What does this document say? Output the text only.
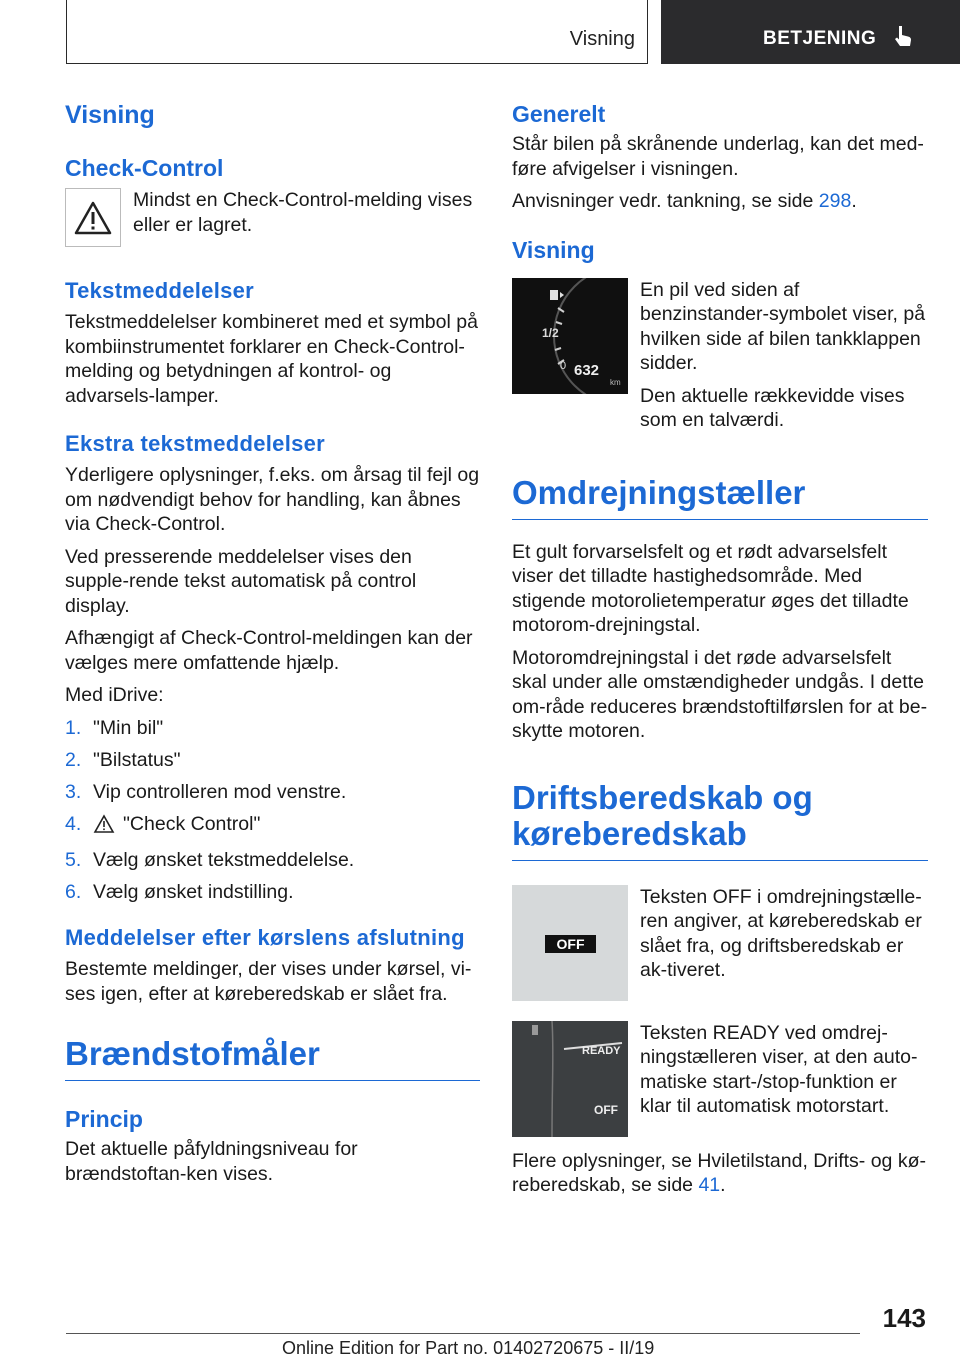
Visning	BETJENING

Visning

Check-Control

Mindst en Check-Control-melding vises eller er lagret.

Tekstmeddelelser

Tekstmeddelelser kombineret med et symbol på kombiinstrumentet forklarer en Check-Control-melding og betydningen af kontrol- og advarsels-lamper.

Ekstra tekstmeddelelser

Yderligere oplysninger, f.eks. om årsag til fejl og om nødvendigt behov for handling, kan åbnes via Check-Control.

Ved presserende meddelelser vises den supple-rende tekst automatisk på control display.

Afhængigt af Check-Control-meldingen kan der vælges mere omfattende hjælp.

Med iDrive:

1. "Min bil"
2. "Bilstatus"
3. Vip controlleren mod venstre.
4.	"Check Control"
5. Vælg ønsket tekstmeddelelse.
6. Vælg ønsket indstilling.

Meddelelser efter kørslens afslutning

Bestemte meldinger, der vises under kørsel, vi-ses igen, efter at køreberedskab er slået fra.

Brændstofmåler

Princip

Det aktuelle påfyldningsniveau for brændstoftan-ken vises.

Generelt

Står bilen på skrånende underlag, kan det med-føre afvigelser i visningen.

Anvisninger vedr. tankning, se side 298.

Visning

1/2
0 632
km

En pil ved siden af benzinstander-symbolet viser, på hvilken side af bilen tankklappen sidder.

Den aktuelle rækkevidde vises som en talværdi.

Omdrejningstæller

Et gult forvarselsfelt og et rødt advarselsfelt viser det tilladte hastighedsområde. Med stigende motorolietemperatur øges det tilladte motorom-drejningstal.

Motoromdrejningstal i det røde advarselsfelt skal under alle omstændigheder undgås. I dette om-råde reduceres brændstoftilførslen for at be-skytte motoren.

Driftsberedskab og køreberedskab

OFF

Teksten OFF i omdrejningstælle-ren angiver, at køreberedskab er slået fra, og driftsberedskab er ak-tiveret.

READY
OFF

Teksten READY ved omdrej-ningstælleren viser, at den auto-matiske start-/stop-funktion er klar til automatisk motorstart.

Flere oplysninger, se Hviletilstand, Drifts- og kø-reberedskab, se side 41.

143
Online Edition for Part no. 01402720675 - II/19
